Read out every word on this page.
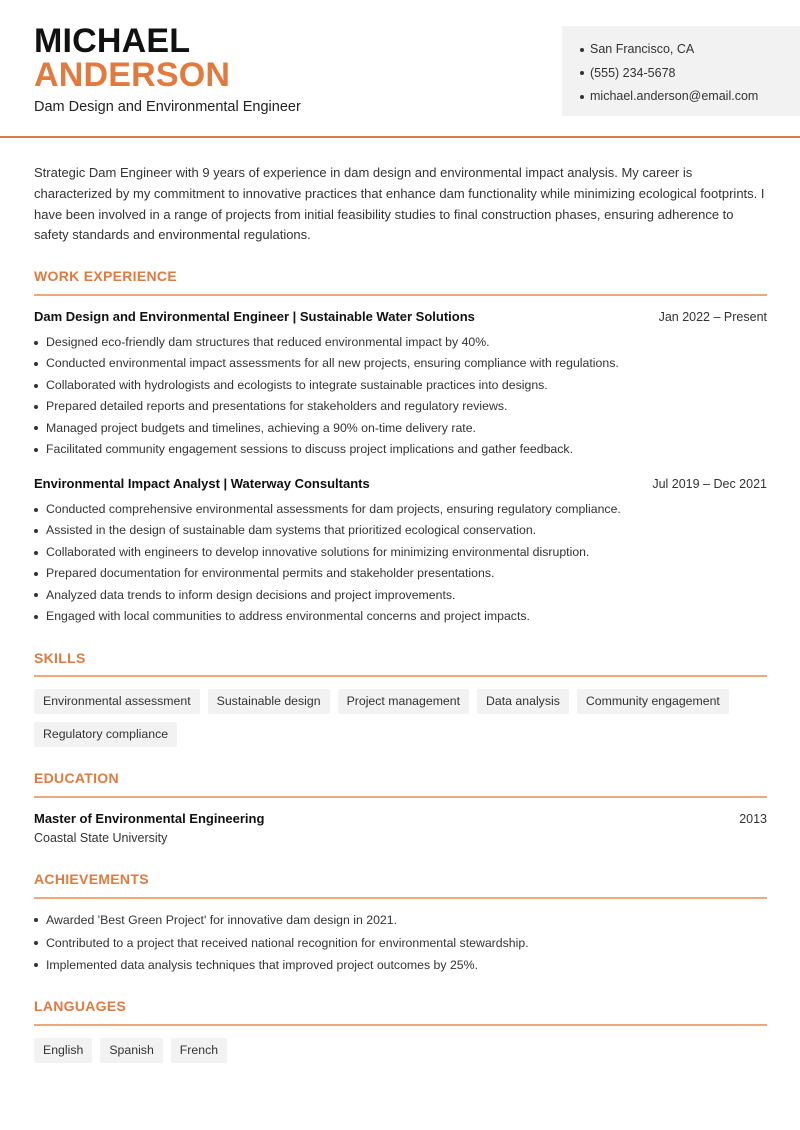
MICHAEL
ANDERSON
Dam Design and Environmental Engineer
San Francisco, CA
(555) 234-5678
michael.anderson@email.com

Strategic Dam Engineer with 9 years of experience in dam design and environmental impact analysis. My career is characterized by my commitment to innovative practices that enhance dam functionality while minimizing ecological footprints. I have been involved in a range of projects from initial feasibility studies to final construction phases, ensuring adherence to safety standards and environmental regulations.

WORK EXPERIENCE
Dam Design and Environmental Engineer | Sustainable Water Solutions	Jan 2022 – Present
Designed eco-friendly dam structures that reduced environmental impact by 40%.
Conducted environmental impact assessments for all new projects, ensuring compliance with regulations.
Collaborated with hydrologists and ecologists to integrate sustainable practices into designs.
Prepared detailed reports and presentations for stakeholders and regulatory reviews.
Managed project budgets and timelines, achieving a 90% on-time delivery rate.
Facilitated community engagement sessions to discuss project implications and gather feedback.
Environmental Impact Analyst | Waterway Consultants	Jul 2019 – Dec 2021
Conducted comprehensive environmental assessments for dam projects, ensuring regulatory compliance.
Assisted in the design of sustainable dam systems that prioritized ecological conservation.
Collaborated with engineers to develop innovative solutions for minimizing environmental disruption.
Prepared documentation for environmental permits and stakeholder presentations.
Analyzed data trends to inform design decisions and project improvements.
Engaged with local communities to address environmental concerns and project impacts.
SKILLS
Environmental assessment	Sustainable design	Project management	Data analysis	Community engagement
Regulatory compliance
EDUCATION
Master of Environmental Engineering	2013
Coastal State University
ACHIEVEMENTS
Awarded 'Best Green Project' for innovative dam design in 2021.
Contributed to a project that received national recognition for environmental stewardship.
Implemented data analysis techniques that improved project outcomes by 25%.
LANGUAGES
English	Spanish	French
